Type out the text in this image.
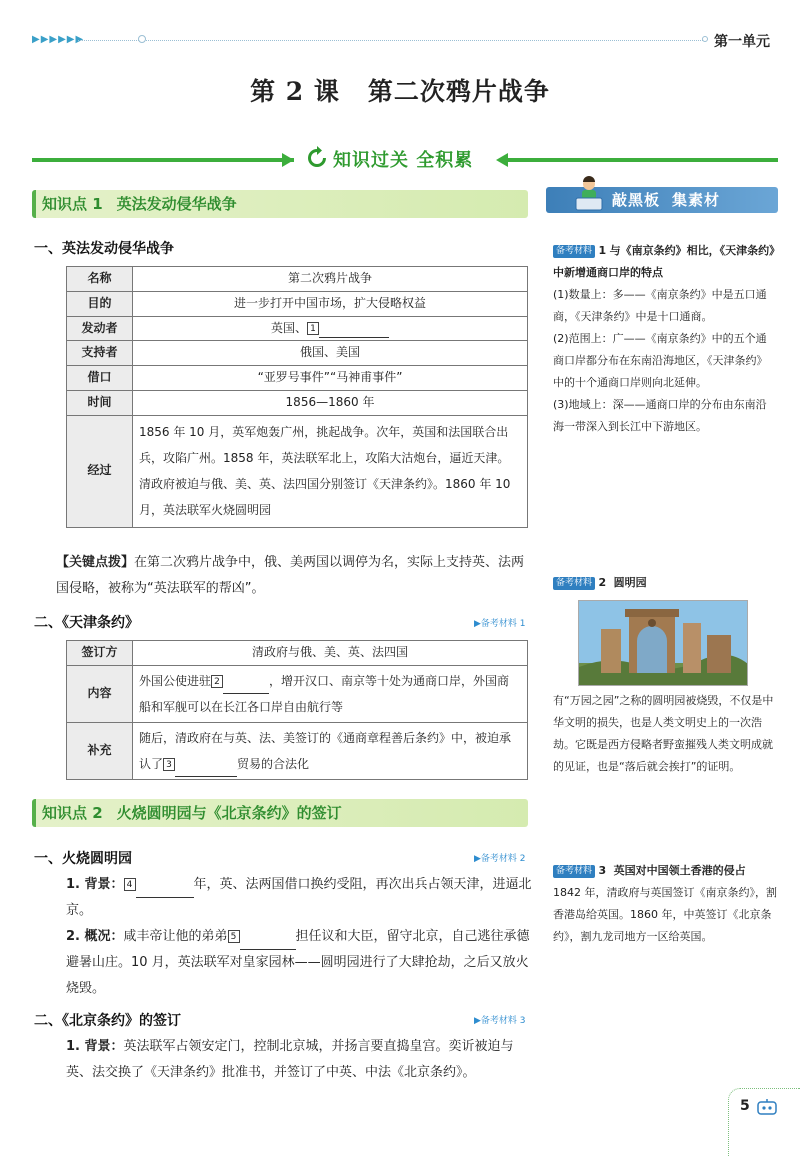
▶▶▶▶▶▶	第一单元
第 2 课 第二次鸦片战争
知识过关 全积累
知识点 1 英法发动侵华战争
一、英法发动侵华战争
名称	第二次鸦片战争
目的	进一步打开中国市场，扩大侵略权益
发动者	英国、 1
支持者	俄国、美国
借口	“亚罗号事件”“马神甫事件”
时间	1856—1860 年
经过	1856 年 10 月，英军炮轰广州，挑起战争。次年，英国和法国联合出兵，攻陷广州。1858 年，英法联军北上，攻陷大沽炮台，逼近天津。清政府被迫与俄、美、英、法四国分别签订《天津条约》。1860 年 10 月，英法联军火烧圆明园
【关键点拨】在第二次鸦片战争中，俄、美两国以调停为名，实际上支持英、法两国侵略，被称为“英法联军的帮凶”。
二、《天津条约》	▶备考材料 1
签订方	清政府与俄、美、英、法四国
内容	外国公使进驻 2 ，增开汉口、南京等十处为通商口岸，外国商船和军舰可以在长江各口岸自由航行等
补充	随后，清政府在与英、法、美签订的《通商章程善后条约》中，被迫承认了 3 贸易的合法化
知识点 2 火烧圆明园与《北京条约》的签订
一、火烧圆明园	▶备考材料 2
1. 背景： 4	年，英、法两国借口换约受阻，再次出兵占领天津，进逼北京。
2. 概况：咸丰帝让他的弟弟 5	担任议和大臣，留守北京，自己逃往承德避暑山庄。10 月，英法联军对皇家园林——圆明园进行了大肆抢劫，之后又放火烧毁。
二、《北京条约》的签订	▶备考材料 3
1. 背景：英法联军占领安定门，控制北京城，并扬言要直捣皇宫。奕䜣被迫与英、法交换了《天津条约》批准书，并签订了中英、中法《北京条约》。
敲黑板 集素材
备考材料 1 与《南京条约》相比，《天津条约》中新增通商口岸的特点
(1)数量上：多——《南京条约》中是五口通商，《天津条约》中是十口通商。
(2)范围上：广——《南京条约》中的五个通商口岸都分布在东南沿海地区，《天津条约》中的十个通商口岸则向北延伸。
(3)地域上：深——通商口岸的分布由东南沿海一带深入到长江中下游地区。
备考材料 2 圆明园
有“万园之园”之称的圆明园被烧毁，不仅是中华文明的损失，也是人类文明史上的一次浩劫。它既是西方侵略者野蛮摧残人类文明成就的见证，也是“落后就会挨打”的证明。
备考材料 3 英国对中国领土香港的侵占
1842 年，清政府与英国签订《南京条约》，割香港岛给英国。1860 年，中英签订《北京条约》，割九龙司地方一区给英国。
5
